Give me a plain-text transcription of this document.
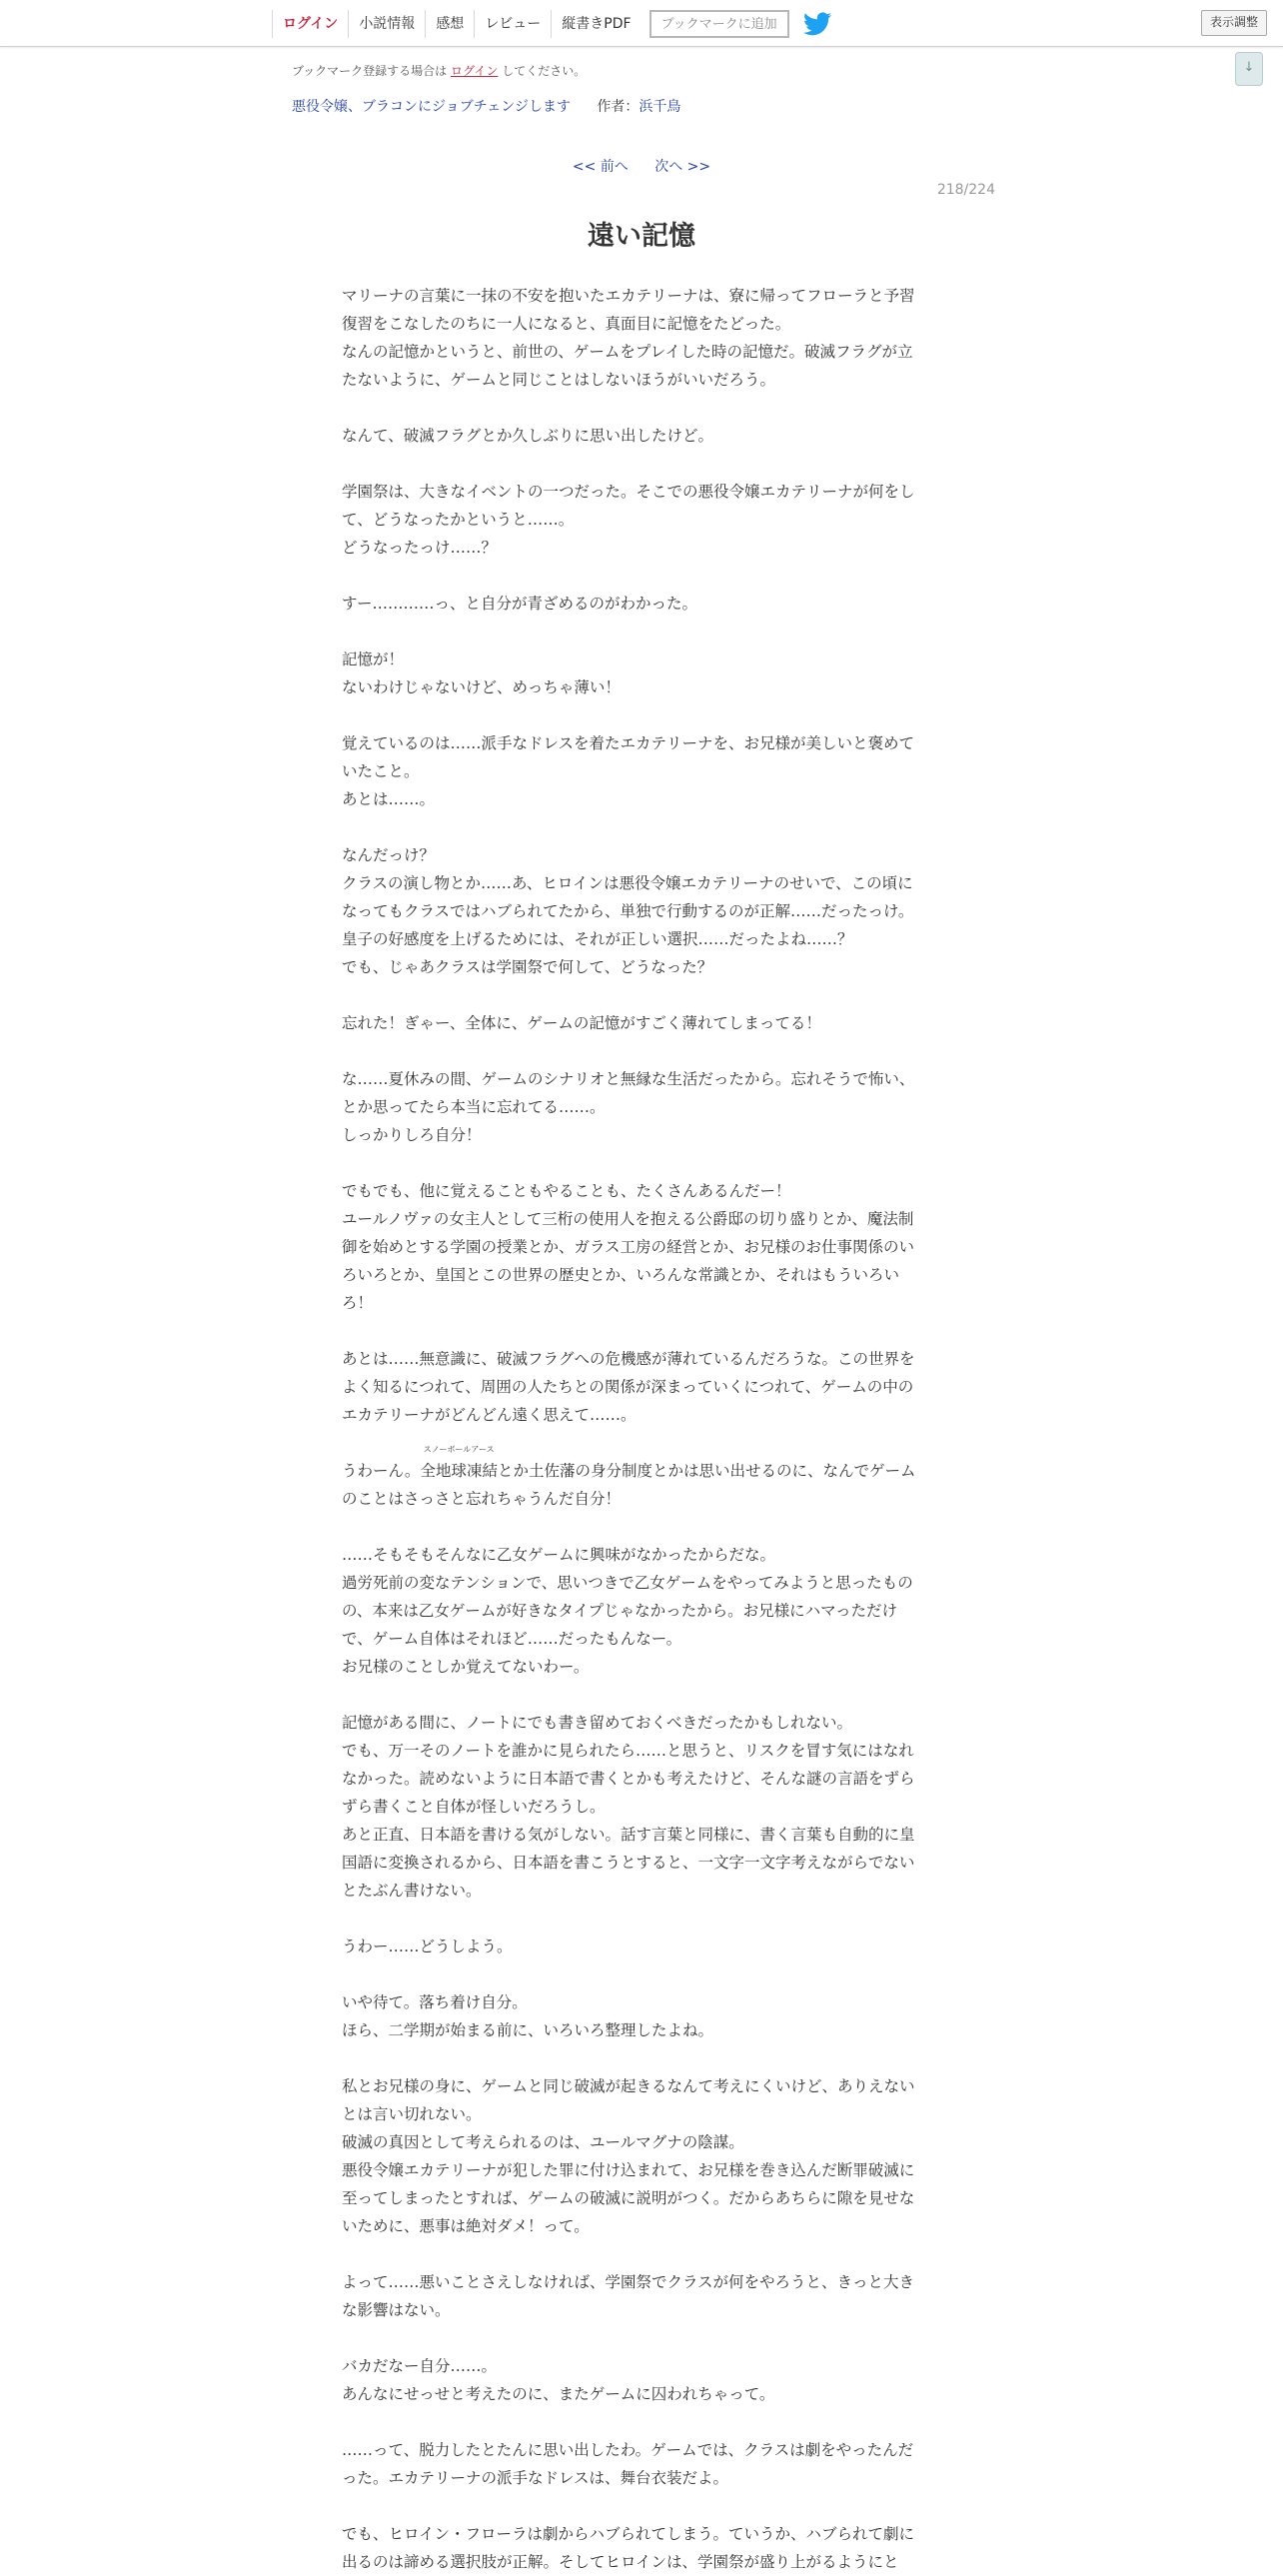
ログイン	小説情報	感想	レビュー	縦書きPDF	ブックマークに追加	表示調整
↓
ブックマーク登録する場合は ログイン してください。
悪役令嬢、ブラコンにジョブチェンジします 作者：浜千鳥
<< 前へ 次へ >>
218/224
遠い記憶

マリーナの言葉に一抹の不安を抱いたエカテリーナは、寮に帰ってフローラと予習

復習をこなしたのちに一人になると、真面目に記憶をたどった。

なんの記憶かというと、前世の、ゲームをプレイした時の記憶だ。破滅フラグが立

たないように、ゲームと同じことはしないほうがいいだろう。

なんて、破滅フラグとか久しぶりに思い出したけど。

学園祭は、大きなイベントの一つだった。そこでの悪役令嬢エカテリーナが何をし

て、どうなったかというと……。

どうなったっけ……？

すー…………っ、と自分が青ざめるのがわかった。

記憶が！

ないわけじゃないけど、めっちゃ薄い！

覚えているのは……派手なドレスを着たエカテリーナを、お兄様が美しいと褒めて

いたこと。

あとは……。

なんだっけ？

クラスの演し物とか……あ、ヒロインは悪役令嬢エカテリーナのせいで、この頃に

なってもクラスではハブられてたから、単独で行動するのが正解……だったっけ。

皇子の好感度を上げるためには、それが正しい選択……だったよね……？

でも、じゃあクラスは学園祭で何して、どうなった？

忘れた！ぎゃー、全体に、ゲームの記憶がすごく薄れてしまってる！

な……夏休みの間、ゲームのシナリオと無縁な生活だったから。忘れそうで怖い、

とか思ってたら本当に忘れてる……。

しっかりしろ自分！

でもでも、他に覚えることもやることも、たくさんあるんだー！

ユールノヴァの女主人として三桁の使用人を抱える公爵邸の切り盛りとか、魔法制

御を始めとする学園の授業とか、ガラス工房の経営とか、お兄様のお仕事関係のい

ろいろとか、皇国とこの世界の歴史とか、いろんな常識とか、それはもういろい

ろ！

あとは……無意識に、破滅フラグへの危機感が薄れているんだろうな。この世界を

よく知るにつれて、周囲の人たちとの関係が深まっていくにつれて、ゲームの中の

エカテリーナがどんどん遠く思えて……。

うわーん。
スノーボールアース
全地球凍結とか土佐藩の身分制度とかは思い出せるのに、なんでゲーム

のことはさっさと忘れちゃうんだ自分！

……そもそもそんなに乙女ゲームに興味がなかったからだな。

過労死前の変なテンションで、思いつきで乙女ゲームをやってみようと思ったもの

の、本来は乙女ゲームが好きなタイプじゃなかったから。お兄様にハマっただけ

で、ゲーム自体はそれほど……だったもんなー。

お兄様のことしか覚えてないわー。

記憶がある間に、ノートにでも書き留めておくべきだったかもしれない。

でも、万一そのノートを誰かに見られたら……と思うと、リスクを冒す気にはなれ

なかった。読めないように日本語で書くとかも考えたけど、そんな謎の言語をずら

ずら書くこと自体が怪しいだろうし。

あと正直、日本語を書ける気がしない。話す言葉と同様に、書く言葉も自動的に皇

国語に変換されるから、日本語を書こうとすると、一文字一文字考えながらでない

とたぶん書けない。

うわー……どうしよう。

いや待て。落ち着け自分。

ほら、二学期が始まる前に、いろいろ整理したよね。

私とお兄様の身に、ゲームと同じ破滅が起きるなんて考えにくいけど、ありえない

とは言い切れない。

破滅の真因として考えられるのは、ユールマグナの陰謀。

悪役令嬢エカテリーナが犯した罪に付け込まれて、お兄様を巻き込んだ断罪破滅に

至ってしまったとすれば、ゲームの破滅に説明がつく。だからあちらに隙を見せな

いために、悪事は絶対ダメ！って。

よって……悪いことさえしなければ、学園祭でクラスが何をやろうと、きっと大き

な影響はない。

バカだなー自分……。

あんなにせっせと考えたのに、またゲームに囚われちゃって。

……って、脱力したとたんに思い出したわ。ゲームでは、クラスは劇をやったんだ

った。エカテリーナの派手なドレスは、舞台衣装だよ。

でも、ヒロイン・フローラは劇からハブられてしまう。ていうか、ハブられて劇に

出るのは諦める選択肢が正解。そしてヒロインは、学園祭が盛り上がるようにと
